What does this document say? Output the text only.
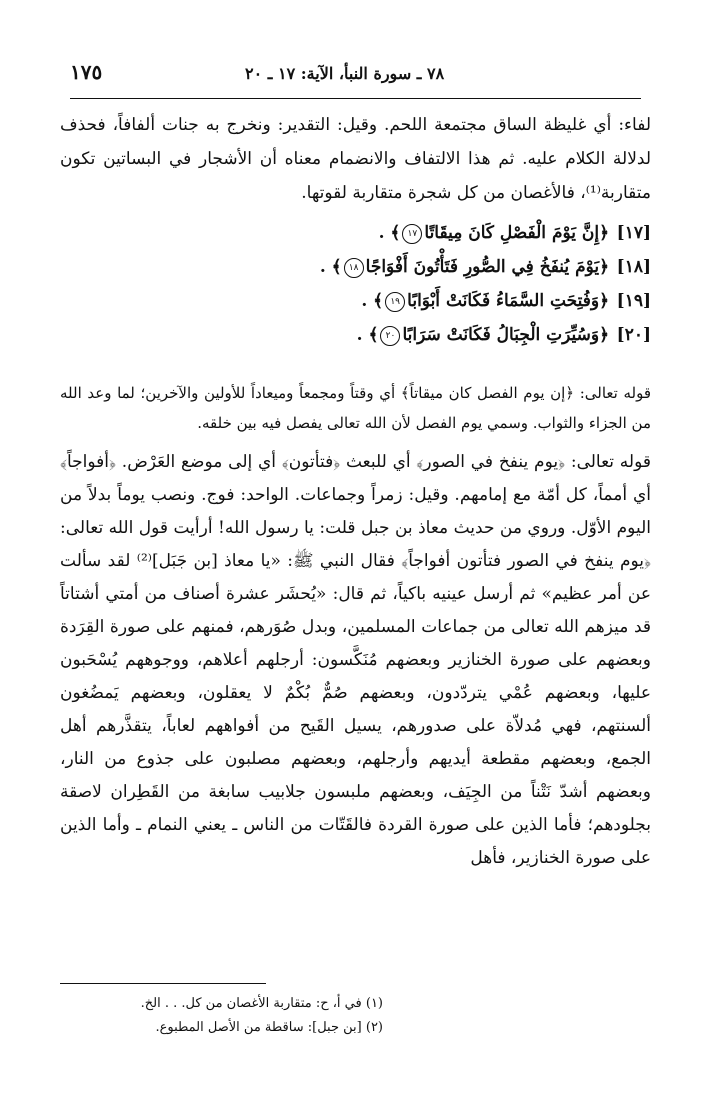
١٧٥	٧٨ ـ سورة النبأ، الآية: ١٧ ـ ٢٠

لفاء: أي غليظة الساق مجتمعة اللحم. وقيل: التقدير: ونخرج به جنات ألفافاً، فحذف لدلالة الكلام عليه. ثم هذا الالتفاف والانضمام معناه أن الأشجار في البساتين تكون متقاربة⁽¹⁾، فالأغصان من كل شجرة متقاربة لقوتها.

[١٧] ﴿إِنَّ يَوْمَ الْفَصْلِ كَانَ مِيقَاتًا١٧﴾ .
[١٨] ﴿يَوْمَ يُنفَخُ فِي الصُّورِ فَتَأْتُونَ أَفْوَاجًا١٨﴾ .
[١٩] ﴿وَفُتِحَتِ السَّمَاءُ فَكَانَتْ أَبْوَابًا١٩﴾ .
[٢٠] ﴿وَسُيِّرَتِ الْجِبَالُ فَكَانَتْ سَرَابًا٢٠﴾ .

قوله تعالى: ﴿إن يوم الفصل كان ميقاتاً﴾ أي وقتاً ومجمعاً وميعاداً للأولين والآخرين؛ لما وعد الله من الجزاء والثواب. وسمي يوم الفصل لأن الله تعالى يفصل فيه بين خلقه.

قوله تعالى: ﴿يوم ينفخ في الصور﴾ أي للبعث ﴿فتأتون﴾ أي إلى موضع العَرْض. ﴿أفواجاً﴾ أي أمماً، كل أمّة مع إمامهم. وقيل: زمراً وجماعات. الواحد: فوج. ونصب يوماً بدلاً من اليوم الأوّل. وروي من حديث معاذ بن جبل قلت: يا رسول الله! أرأيت قول الله تعالى: ﴿يوم ينفخ في الصور فتأتون أفواجاً﴾ فقال النبي ﷺ: «يا معاذ [بن جَبَل]⁽²⁾ لقد سألت عن أمر عظيم» ثم أرسل عينيه باكياً، ثم قال: «يُحشَر عشرة أصناف من أمتي أشتاتاً قد ميزهم الله تعالى من جماعات المسلمين، وبدل صُوَرهم، فمنهم على صورة القِرَدة وبعضهم على صورة الخنازير وبعضهم مُنَكَّسون: أرجلهم أعلاهم، ووجوههم يُسْحَبون عليها، وبعضهم عُمْي يتردّدون، وبعضهم صُمٌّ بُكْمٌ لا يعقلون، وبعضهم يَمضُغون ألسنتهم، فهي مُدلاّة على صدورهم، يسيل القَيح من أفواههم لعاباً، يتقذَّرهم أهل الجمع، وبعضهم مقطعة أيديهم وأرجلهم، وبعضهم مصلبون على جذوع من النار، وبعضهم أشدّ نَتْناً من الجِيَف، وبعضهم ملبسون جلابيب سابغة من القَطِران لاصقة بجلودهم؛ فأما الذين على صورة القردة فالقَتّات من الناس ـ يعني النمام ـ وأما الذين على صورة الخنازير، فأهل

(١) في أ، ح: متقاربة الأغصان من كل. . . الخ.
(٢) [بن جبل]: ساقطة من الأصل المطبوع.
